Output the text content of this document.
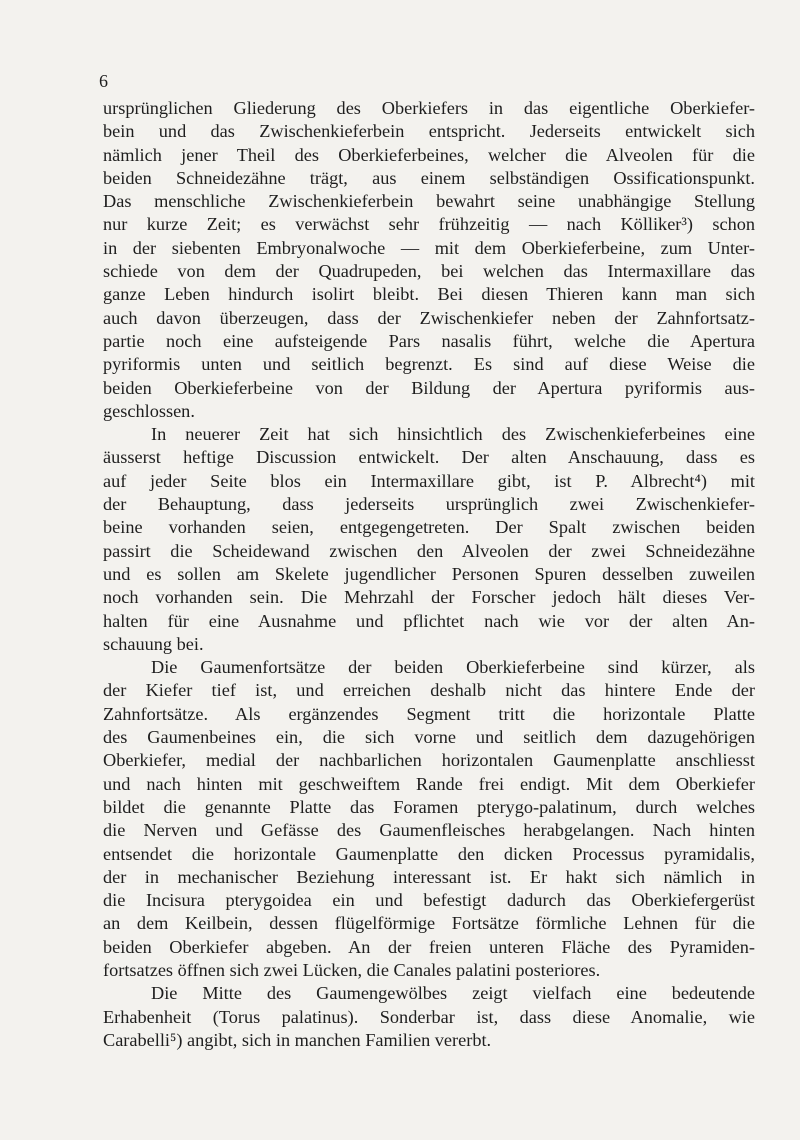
6
ursprünglichen Gliederung des Oberkiefers in das eigentliche Oberkiefer-
bein und das Zwischenkieferbein entspricht. Jederseits entwickelt sich
nämlich jener Theil des Oberkieferbeines, welcher die Alveolen für die
beiden Schneidezähne trägt, aus einem selbständigen Ossificationspunkt.
Das menschliche Zwischenkieferbein bewahrt seine unabhängige Stellung
nur kurze Zeit; es verwächst sehr frühzeitig — nach Kölliker³) schon
in der siebenten Embryonalwoche — mit dem Oberkieferbeine, zum Unter-
schiede von dem der Quadrupeden, bei welchen das Intermaxillare das
ganze Leben hindurch isolirt bleibt. Bei diesen Thieren kann man sich
auch davon überzeugen, dass der Zwischenkiefer neben der Zahnfortsatz-
partie noch eine aufsteigende Pars nasalis führt, welche die Apertura
pyriformis unten und seitlich begrenzt. Es sind auf diese Weise die
beiden Oberkieferbeine von der Bildung der Apertura pyriformis aus-
geschlossen.
In neuerer Zeit hat sich hinsichtlich des Zwischenkieferbeines eine
äusserst heftige Discussion entwickelt. Der alten Anschauung, dass es
auf jeder Seite blos ein Intermaxillare gibt, ist P. Albrecht⁴) mit
der Behauptung, dass jederseits ursprünglich zwei Zwischenkiefer-
beine vorhanden seien, entgegengetreten. Der Spalt zwischen beiden
passirt die Scheidewand zwischen den Alveolen der zwei Schneidezähne
und es sollen am Skelete jugendlicher Personen Spuren desselben zuweilen
noch vorhanden sein. Die Mehrzahl der Forscher jedoch hält dieses Ver-
halten für eine Ausnahme und pflichtet nach wie vor der alten An-
schauung bei.
Die Gaumenfortsätze der beiden Oberkieferbeine sind kürzer, als
der Kiefer tief ist, und erreichen deshalb nicht das hintere Ende der
Zahnfortsätze. Als ergänzendes Segment tritt die horizontale Platte
des Gaumenbeines ein, die sich vorne und seitlich dem dazugehörigen
Oberkiefer, medial der nachbarlichen horizontalen Gaumenplatte anschliesst
und nach hinten mit geschweiftem Rande frei endigt. Mit dem Oberkiefer
bildet die genannte Platte das Foramen pterygo-palatinum, durch welches
die Nerven und Gefässe des Gaumenfleisches herabgelangen. Nach hinten
entsendet die horizontale Gaumenplatte den dicken Processus pyramidalis,
der in mechanischer Beziehung interessant ist. Er hakt sich nämlich in
die Incisura pterygoidea ein und befestigt dadurch das Oberkiefergerüst
an dem Keilbein, dessen flügelförmige Fortsätze förmliche Lehnen für die
beiden Oberkiefer abgeben. An der freien unteren Fläche des Pyramiden-
fortsatzes öffnen sich zwei Lücken, die Canales palatini posteriores.
Die Mitte des Gaumengewölbes zeigt vielfach eine bedeutende
Erhabenheit (Torus palatinus). Sonderbar ist, dass diese Anomalie, wie
Carabelli⁵) angibt, sich in manchen Familien vererbt.
